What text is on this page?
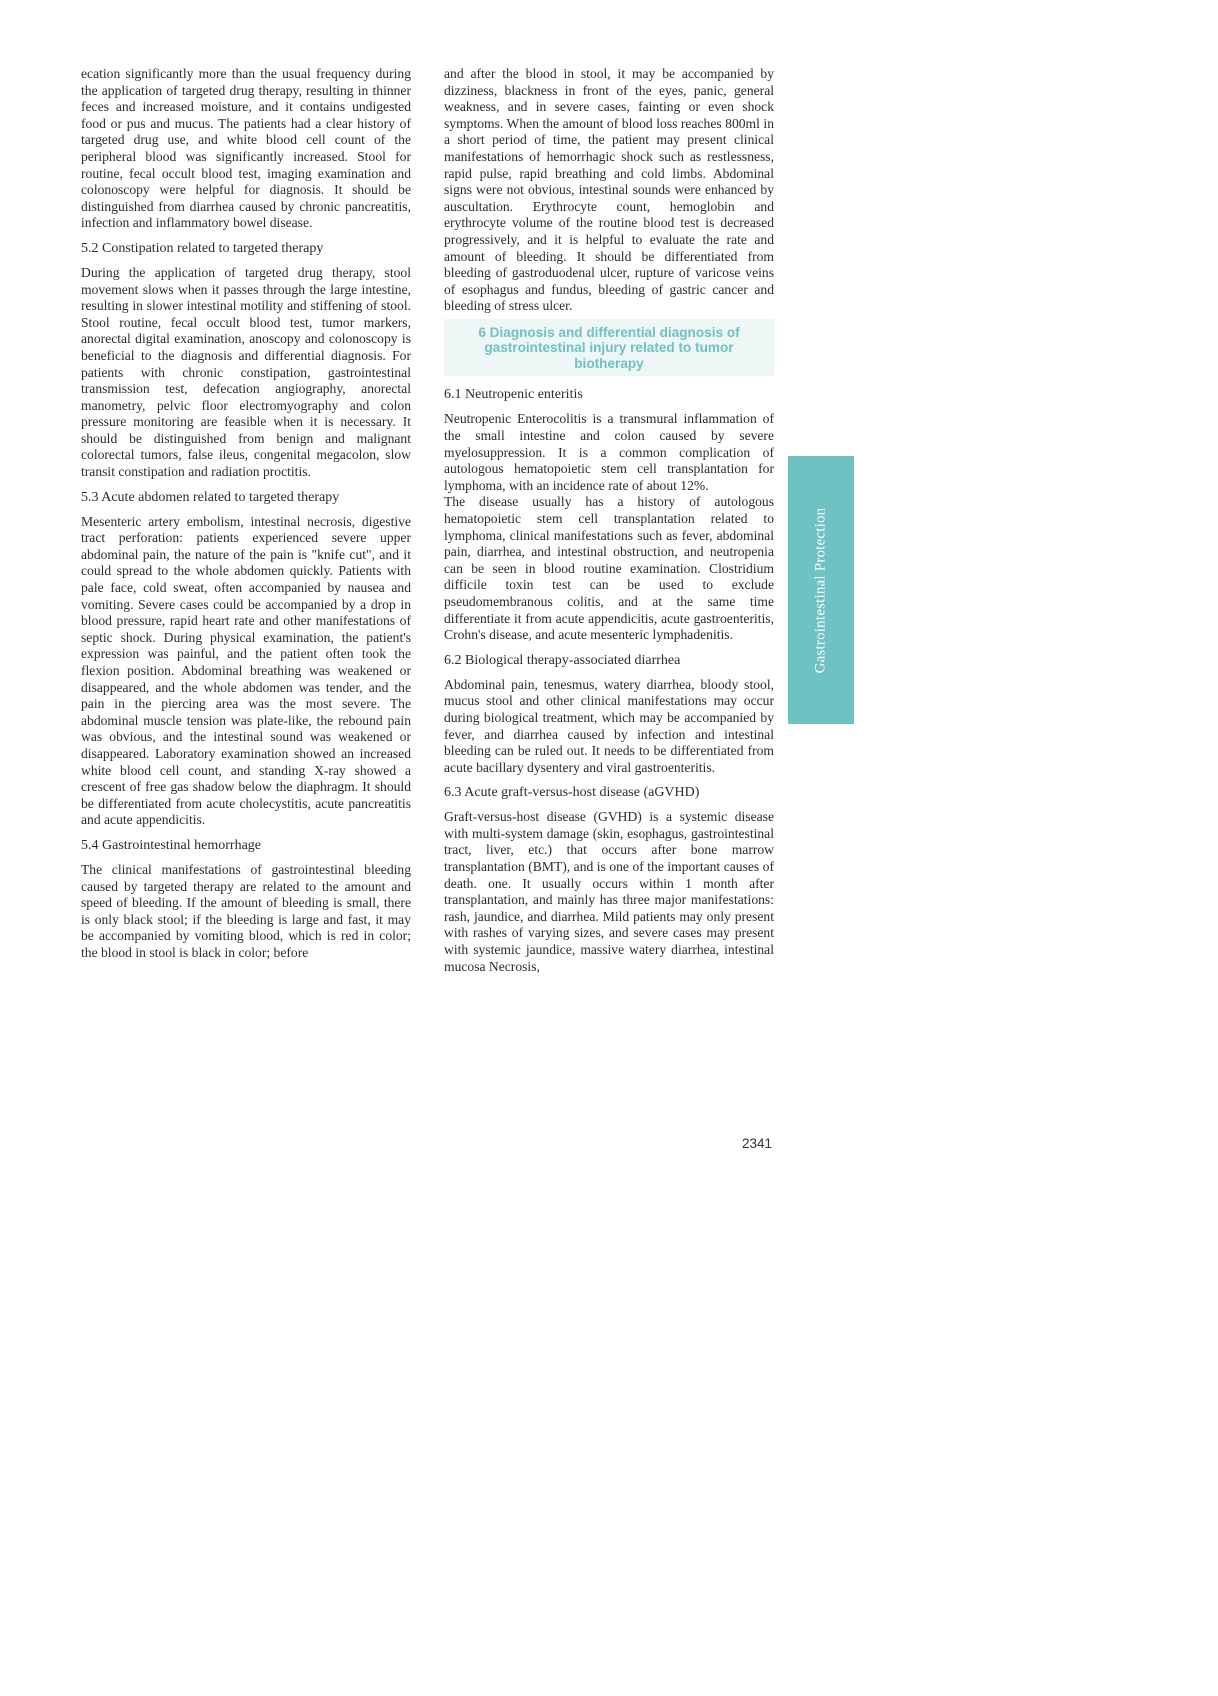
ecation significantly more than the usual frequency during the application of targeted drug therapy, resulting in thinner feces and increased moisture, and it contains undigested food or pus and mucus. The patients had a clear history of targeted drug use, and white blood cell count of the peripheral blood was significantly increased. Stool for routine, fecal occult blood test, imaging examination and colonoscopy were helpful for diagnosis. It should be distinguished from diarrhea caused by chronic pancreatitis, infection and inflammatory bowel disease.

5.2 Constipation related to targeted therapy

During the application of targeted drug therapy, stool movement slows when it passes through the large intestine, resulting in slower intestinal motility and stiffening of stool. Stool routine, fecal occult blood test, tumor markers, anorectal digital examination, anoscopy and colonoscopy is beneficial to the diagnosis and differential diagnosis. For patients with chronic constipation, gastrointestinal transmission test, defecation angiography, anorectal manometry, pelvic floor electromyography and colon pressure monitoring are feasible when it is necessary. It should be distinguished from benign and malignant colorectal tumors, false ileus, congenital megacolon, slow transit constipation and radiation proctitis.

5.3 Acute abdomen related to targeted therapy

Mesenteric artery embolism, intestinal necrosis, digestive tract perforation: patients experienced severe upper abdominal pain, the nature of the pain is "knife cut", and it could spread to the whole abdomen quickly. Patients with pale face, cold sweat, often accompanied by nausea and vomiting. Severe cases could be accompanied by a drop in blood pressure, rapid heart rate and other manifestations of septic shock. During physical examination, the patient's expression was painful, and the patient often took the flexion position. Abdominal breathing was weakened or disappeared, and the whole abdomen was tender, and the pain in the piercing area was the most severe. The abdominal muscle tension was plate-like, the rebound pain was obvious, and the intestinal sound was weakened or disappeared. Laboratory examination showed an increased white blood cell count, and standing X-ray showed a crescent of free gas shadow below the diaphragm. It should be differentiated from acute cholecystitis, acute pancreatitis and acute appendicitis.

5.4 Gastrointestinal hemorrhage

The clinical manifestations of gastrointestinal bleeding caused by targeted therapy are related to the amount and speed of bleeding. If the amount of bleeding is small, there is only black stool; if the bleeding is large and fast, it may be accompanied by vomiting blood, which is red in color; the blood in stool is black in color; before

and after the blood in stool, it may be accompanied by dizziness, blackness in front of the eyes, panic, general weakness, and in severe cases, fainting or even shock symptoms. When the amount of blood loss reaches 800ml in a short period of time, the patient may present clinical manifestations of hemorrhagic shock such as restlessness, rapid pulse, rapid breathing and cold limbs. Abdominal signs were not obvious, intestinal sounds were enhanced by auscultation. Erythrocyte count, hemoglobin and erythrocyte volume of the routine blood test is decreased progressively, and it is helpful to evaluate the rate and amount of bleeding. It should be differentiated from bleeding of gastroduodenal ulcer, rupture of varicose veins of esophagus and fundus, bleeding of gastric cancer and bleeding of stress ulcer.

6 Diagnosis and differential diagnosis of gastrointestinal injury related to tumor biotherapy

6.1 Neutropenic enteritis

Neutropenic Enterocolitis is a transmural inflammation of the small intestine and colon caused by severe myelosuppression. It is a common complication of autologous hematopoietic stem cell transplantation for lymphoma, with an incidence rate of about 12%.

The disease usually has a history of autologous hematopoietic stem cell transplantation related to lymphoma, clinical manifestations such as fever, abdominal pain, diarrhea, and intestinal obstruction, and neutropenia can be seen in blood routine examination. Clostridium difficile toxin test can be used to exclude pseudomembranous colitis, and at the same time differentiate it from acute appendicitis, acute gastroenteritis, Crohn's disease, and acute mesenteric lymphadenitis.

6.2 Biological therapy-associated diarrhea

Abdominal pain, tenesmus, watery diarrhea, bloody stool, mucus stool and other clinical manifestations may occur during biological treatment, which may be accompanied by fever, and diarrhea caused by infection and intestinal bleeding can be ruled out. It needs to be differentiated from acute bacillary dysentery and viral gastroenteritis.

6.3 Acute graft-versus-host disease (aGVHD)

Graft-versus-host disease (GVHD) is a systemic disease with multi-system damage (skin, esophagus, gastrointestinal tract, liver, etc.) that occurs after bone marrow transplantation (BMT), and is one of the important causes of death. one. It usually occurs within 1 month after transplantation, and mainly has three major manifestations: rash, jaundice, and diarrhea. Mild patients may only present with rashes of varying sizes, and severe cases may present with systemic jaundice, massive watery diarrhea, intestinal mucosa Necrosis,

Gastrointestinal Protection
2341
